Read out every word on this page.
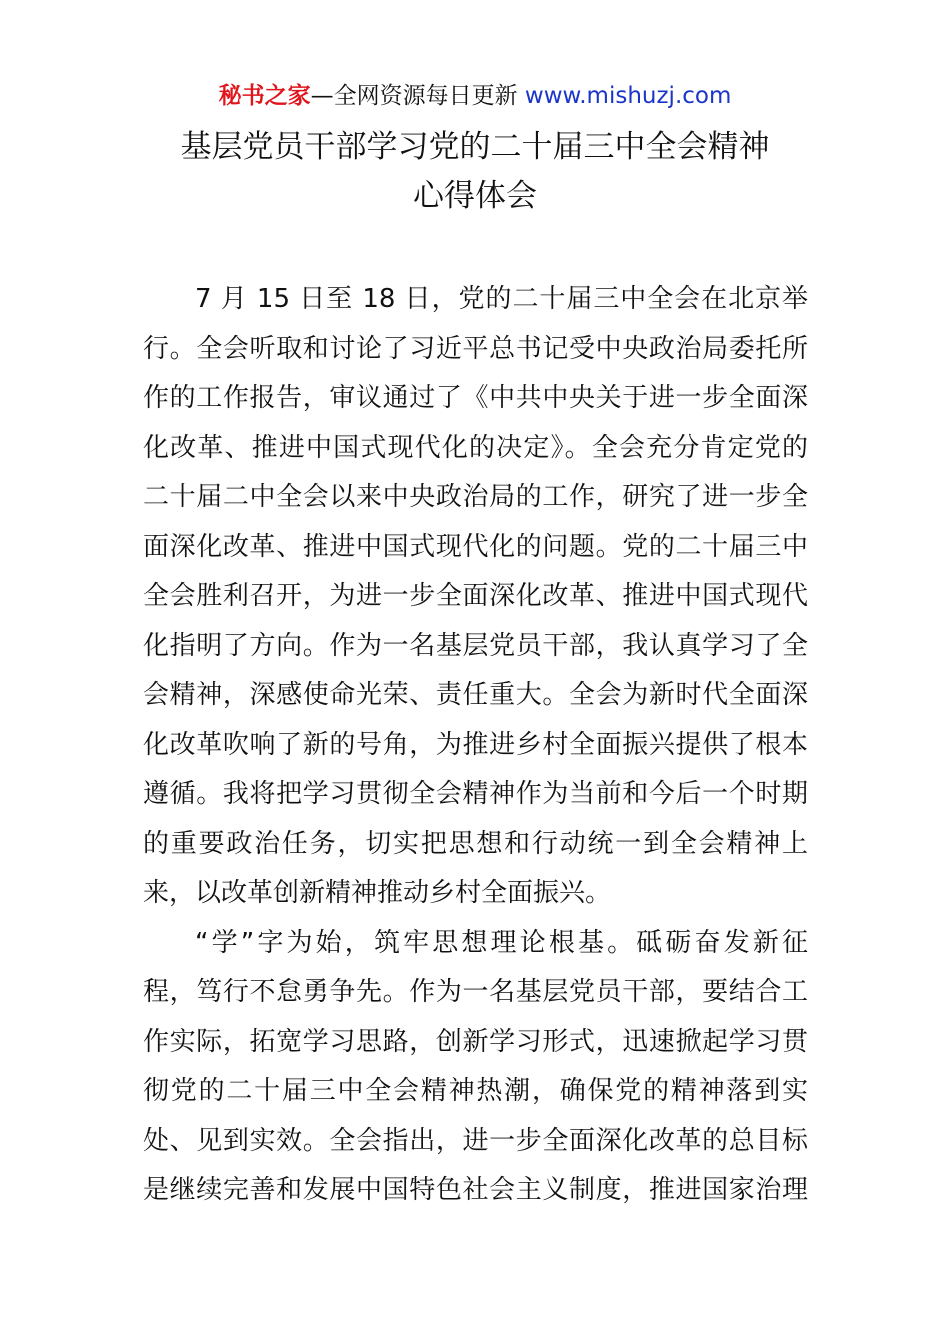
秘书之家—全网资源每日更新 www.mishuzj.com
基层党员干部学习党的二十届三中全会精神
心得体会

7 月 15 日至 18 日，党的二十届三中全会在北京举
行。全会听取和讨论了习近平总书记受中央政治局委托所
作的工作报告，审议通过了《中共中央关于进一步全面深
化改革、推进中国式现代化的决定》。全会充分肯定党的
二十届二中全会以来中央政治局的工作，研究了进一步全
面深化改革、推进中国式现代化的问题。党的二十届三中
全会胜利召开，为进一步全面深化改革、推进中国式现代
化指明了方向。作为一名基层党员干部，我认真学习了全
会精神，深感使命光荣、责任重大。全会为新时代全面深
化改革吹响了新的号角，为推进乡村全面振兴提供了根本
遵循。我将把学习贯彻全会精神作为当前和今后一个时期
的重要政治任务，切实把思想和行动统一到全会精神上
来，以改革创新精神推动乡村全面振兴。

“学”字为始，筑牢思想理论根基。砥砺奋发新征
程，笃行不怠勇争先。作为一名基层党员干部，要结合工
作实际，拓宽学习思路，创新学习形式，迅速掀起学习贯
彻党的二十届三中全会精神热潮，确保党的精神落到实
处、见到实效。全会指出，进一步全面深化改革的总目标
是继续完善和发展中国特色社会主义制度，推进国家治理
